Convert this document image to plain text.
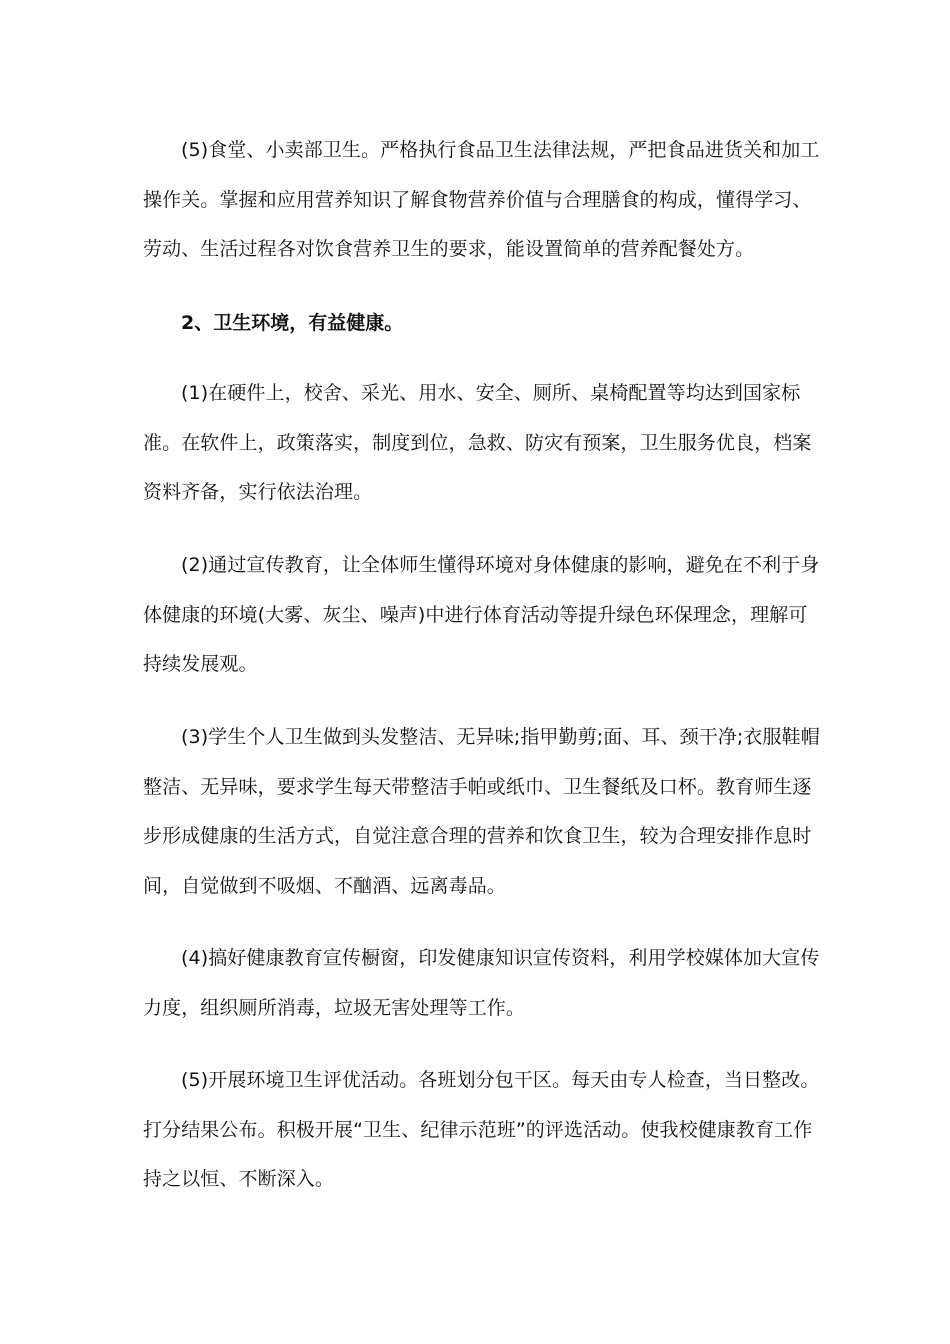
(5)食堂、小卖部卫生。严格执行食品卫生法律法规，严把食品进货关和加工操作关。掌握和应用营养知识了解食物营养价值与合理膳食的构成，懂得学习、劳动、生活过程各对饮食营养卫生的要求，能设置简单的营养配餐处方。

2、卫生环境，有益健康。

(1)在硬件上，校舍、采光、用水、安全、厕所、桌椅配置等均达到国家标准。在软件上，政策落实，制度到位，急救、防灾有预案，卫生服务优良，档案资料齐备，实行依法治理。

(2)通过宣传教育，让全体师生懂得环境对身体健康的影响，避免在不利于身体健康的环境(大雾、灰尘、噪声)中进行体育活动等提升绿色环保理念，理解可持续发展观。

(3)学生个人卫生做到头发整洁、无异味;指甲勤剪;面、耳、颈干净;衣服鞋帽整洁、无异味，要求学生每天带整洁手帕或纸巾、卫生餐纸及口杯。教育师生逐步形成健康的生活方式，自觉注意合理的营养和饮食卫生，较为合理安排作息时间，自觉做到不吸烟、不酗酒、远离毒品。

(4)搞好健康教育宣传橱窗，印发健康知识宣传资料，利用学校媒体加大宣传力度，组织厕所消毒，垃圾无害处理等工作。

(5)开展环境卫生评优活动。各班划分包干区。每天由专人检查，当日整改。打分结果公布。积极开展“卫生、纪律示范班”的评选活动。使我校健康教育工作持之以恒、不断深入。
